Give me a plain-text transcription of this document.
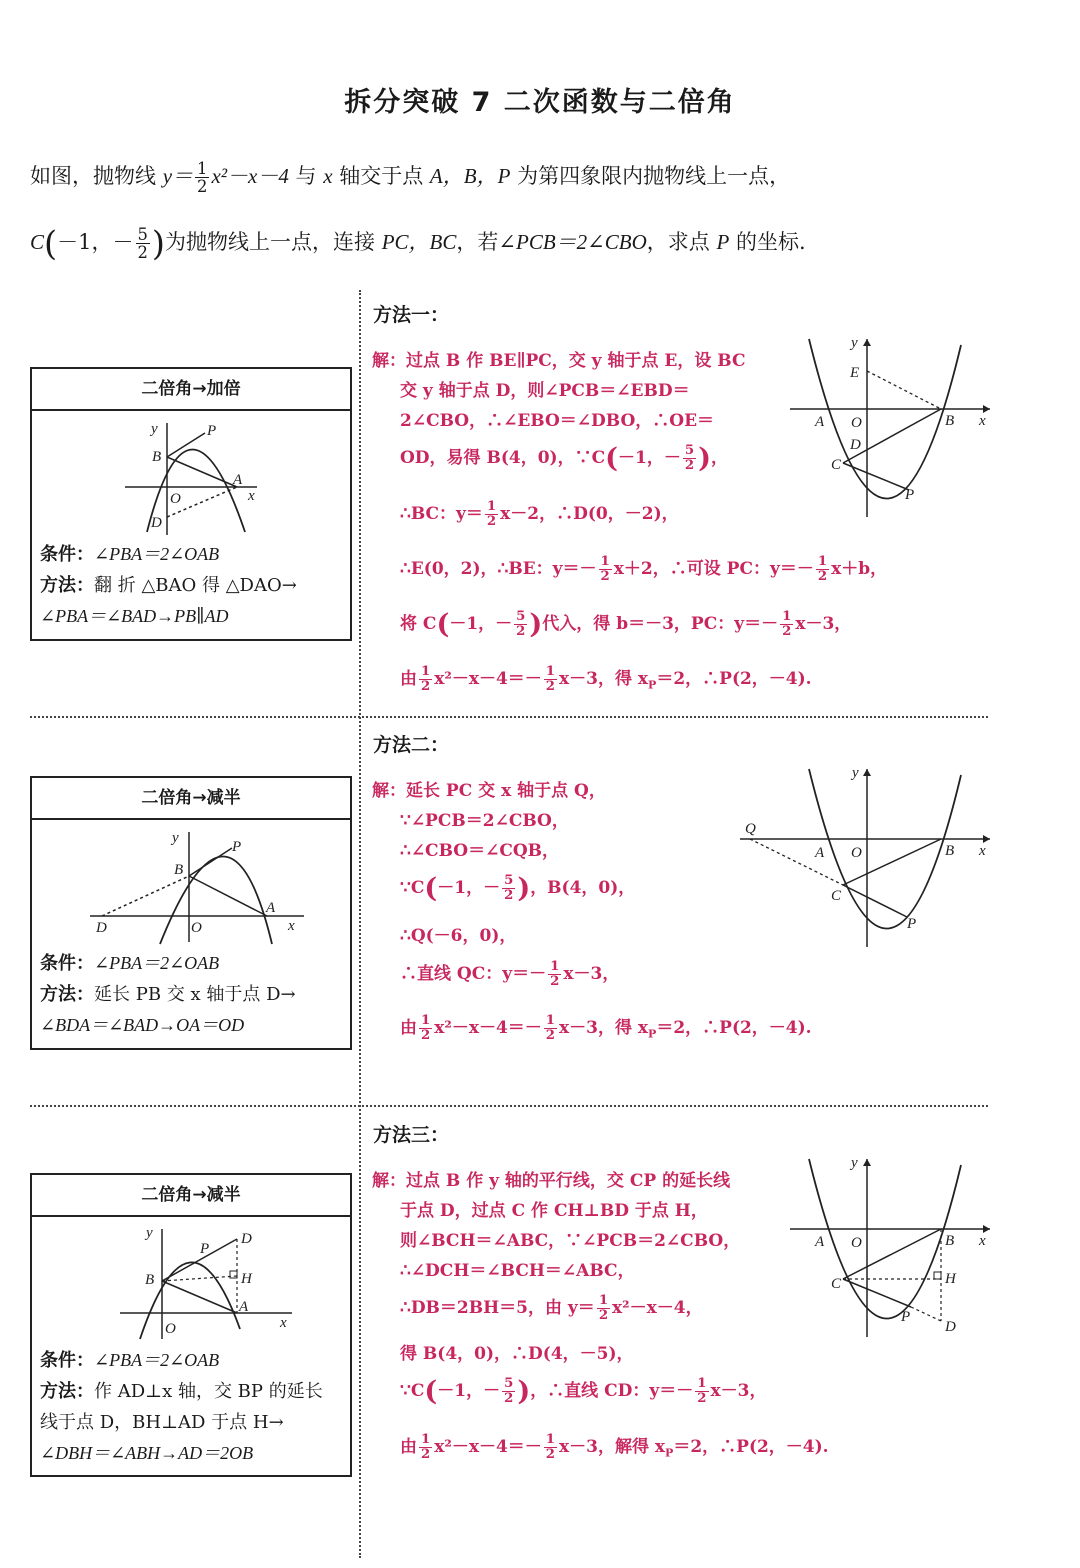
拆分突破 7 二次函数与二倍角
如图，抛物线 $y= \frac{1}{2} x^2-x-4$ 与 x 轴交于点 A，B，P 为第四象限内抛物线上一点，
C(－1，－ $\frac{5}{2}$ )为抛物线上一点，连接 PC，BC，若∠PCB＝2∠CBO，求点 P 的坐标.
方法一：
方法二：
方法三：
二倍角→加倍
y	P
B
O
A
x
D
条件：∠PBA＝2∠OAB
方法：翻 折 △BAO 得 △DAO→
∠PBA＝∠BAD→PB∥AD
二倍角→减半
y
P
B
D	O
A
x
条件：∠PBA＝2∠OAB
方法：延长 PB 交 x 轴于点 D→
∠BDA＝∠BAD→OA＝OD
二倍角→减半
y
P
D
H
B
A
O	x
条件：∠PBA＝2∠OAB
方法：作 AD⊥x 轴，交 BP 的延长
线于点 D，BH⊥AD 于点 H→
∠DBH＝∠ABH→AD＝2OB
解：过点 B 作 BE∥PC，交 y 轴于点 E，设 BC
交 y 轴于点 D，则∠PCB＝∠EBD＝
2∠CBO，∴∠EBO＝∠DBO，∴OE＝
OD，易得 B(4，0)，∵C(－1，－ $\frac{5}{2}$ )，
∴BC：$y= \frac{1}{2} x-2$，∴D(0，－2)，
∴E(0，2)，∴BE：$y=- \frac{1}{2} x+2$，∴可设 PC：$y=- \frac{1}{2} x+b$，
将 C(－1，－ $\frac{5}{2}$ )代入，得 b＝－3，PC：$y=- \frac{1}{2} x-3$，
由 $\frac{1}{2} x^2-x-4=- \frac{1}{2} x-3$，得 $x_P=2$，∴P(2，－4).
y
E
A O
D
B x
C
P
解：延长 PC 交 x 轴于点 Q，
∵∠PCB＝2∠CBO，
∴∠CBO＝∠CQB，
∵C(－1，－ $\frac{5}{2}$ )，B(4，0)，
∴Q(－6，0)，
∴直线 QC：$y=- \frac{1}{2} x-3$，
由 $\frac{1}{2} x^2-x-4=- \frac{1}{2} x-3$，得 $x_P=2$，∴P(2，－4).
y
Q
A O	B x
C
P
解：过点 B 作 y 轴的平行线，交 CP 的延长线
于点 D，过点 C 作 CH⊥BD 于点 H，
则∠BCH＝∠ABC，∵∠PCB＝2∠CBO，
∴∠DCH＝∠BCH＝∠ABC，
∴DB＝2BH＝5，由 $y= \frac{1}{2} x^2-x-4$，
得 B(4，0)，∴D(4，－5)，
∵C(－1，－ $\frac{5}{2}$ )，∴直线 CD：$y=- \frac{1}{2} x-3$，
由 $\frac{1}{2} x^2-x-4=- \frac{1}{2} x-3$，解得 $x_P=2$，∴P(2，－4).
y
A O	B x
C	H
P
D
